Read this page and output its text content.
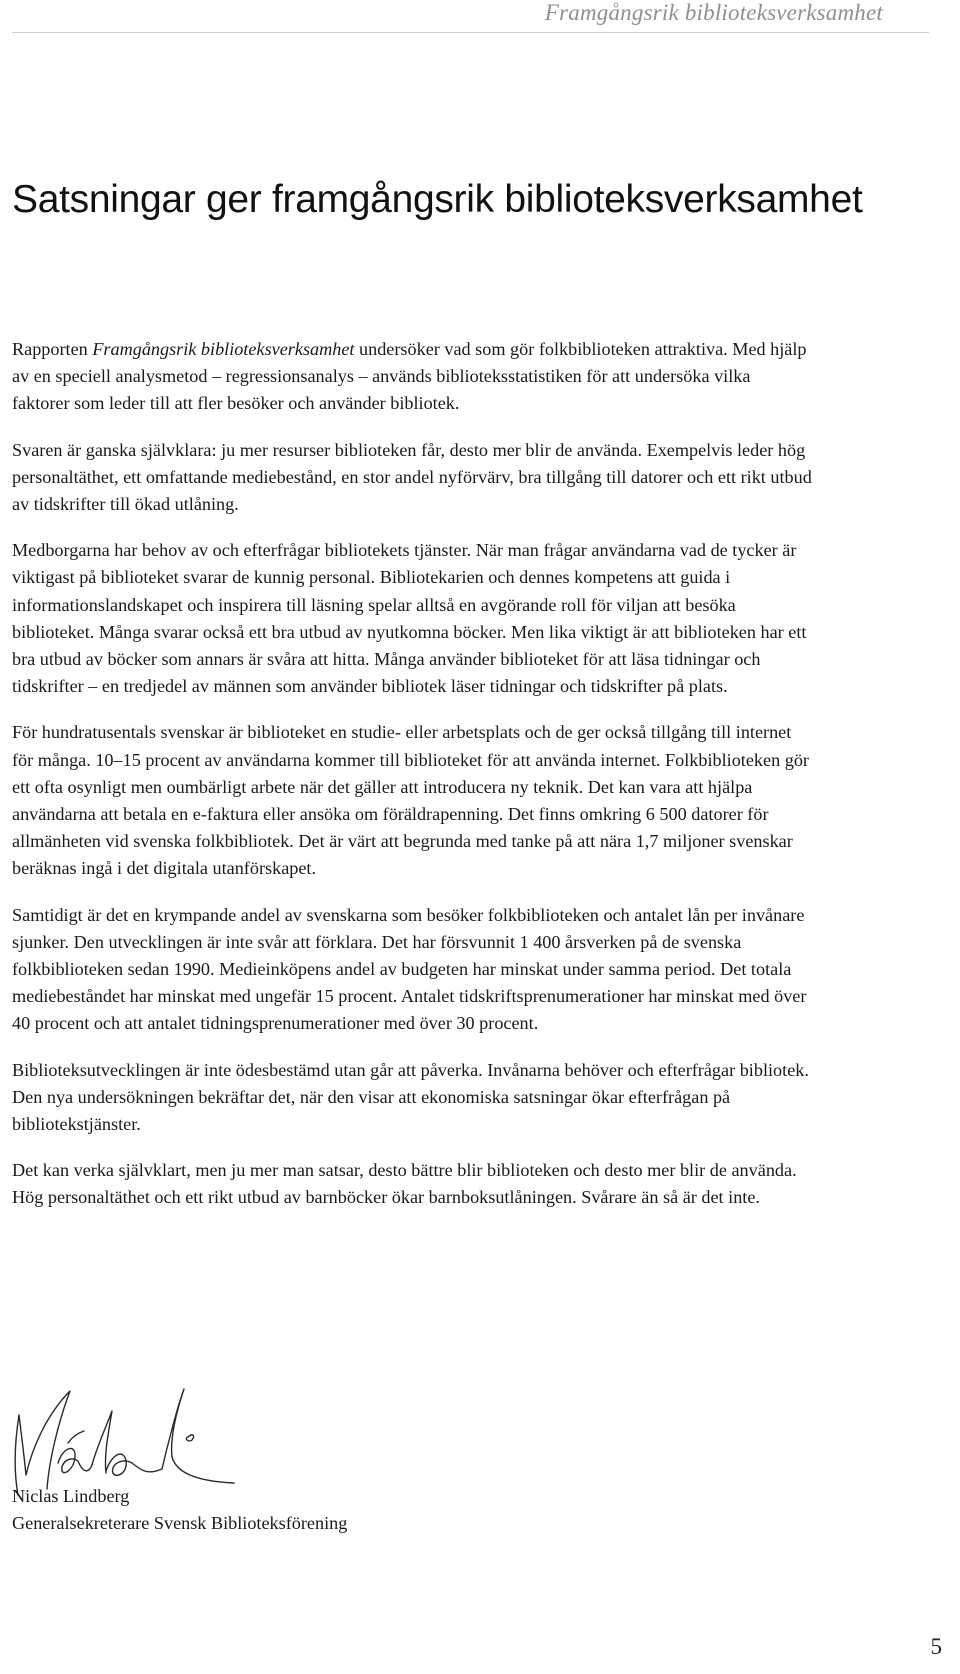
Framgångsrik biblioteksverksamhet
Satsningar ger framgångsrik biblioteksverksamhet

Rapporten Framgångsrik biblioteksverksamhet undersöker vad som gör folkbiblioteken attraktiva. Med hjälp av en speciell analysmetod – regressionsanalys – används biblioteksstatistiken för att undersöka vilka faktorer som leder till att fler besöker och använder bibliotek.

Svaren är ganska självklara: ju mer resurser biblioteken får, desto mer blir de använda. Exempelvis leder hög personaltäthet, ett omfattande mediebestånd, en stor andel nyförvärv, bra tillgång till datorer och ett rikt utbud av tidskrifter till ökad utlåning.

Medborgarna har behov av och efterfrågar bibliotekets tjänster. När man frågar användarna vad de tycker är viktigast på biblioteket svarar de kunnig personal. Bibliotekarien och dennes kompetens att guida i informationslandskapet och inspirera till läsning spelar alltså en avgörande roll för viljan att besöka biblioteket. Många svarar också ett bra utbud av nyutkomna böcker. Men lika viktigt är att biblioteken har ett bra utbud av böcker som annars är svåra att hitta. Många använder biblioteket för att läsa tidningar och tidskrifter – en tredjedel av männen som använder bibliotek läser tidningar och tidskrifter på plats.

För hundratusentals svenskar är biblioteket en studie- eller arbetsplats och de ger också tillgång till internet för många. 10–15 procent av användarna kommer till biblioteket för att använda internet. Folkbiblioteken gör ett ofta osynligt men oumbärligt arbete när det gäller att introducera ny teknik. Det kan vara att hjälpa användarna att betala en e-faktura eller ansöka om föräldrapenning. Det finns omkring 6 500 datorer för allmänheten vid svenska folkbibliotek. Det är värt att begrunda med tanke på att nära 1,7 miljoner svenskar beräknas ingå i det digitala utanförskapet.

Samtidigt är det en krympande andel av svenskarna som besöker folkbiblioteken och antalet lån per invånare sjunker. Den utvecklingen är inte svår att förklara. Det har försvunnit 1 400 årsverken på de svenska folkbiblioteken sedan 1990. Medieinköpens andel av budgeten har minskat under samma period. Det totala mediebeståndet har minskat med ungefär 15 procent. Antalet tidskriftsprenumerationer har minskat med över 40 procent och att antalet tidningsprenumerationer med över 30 procent.

Biblioteksutvecklingen är inte ödesbestämd utan går att påverka. Invånarna behöver och efterfrågar bibliotek. Den nya undersökningen bekräftar det, när den visar att ekonomiska satsningar ökar efterfrågan på bibliotekstjänster.

Det kan verka självklart, men ju mer man satsar, desto bättre blir biblioteken och desto mer blir de använda. Hög personaltäthet och ett rikt utbud av barnböcker ökar barnboksutlåningen. Svårare än så är det inte.

Niclas Lindberg
Generalsekreterare Svensk Biblioteksförening
5
